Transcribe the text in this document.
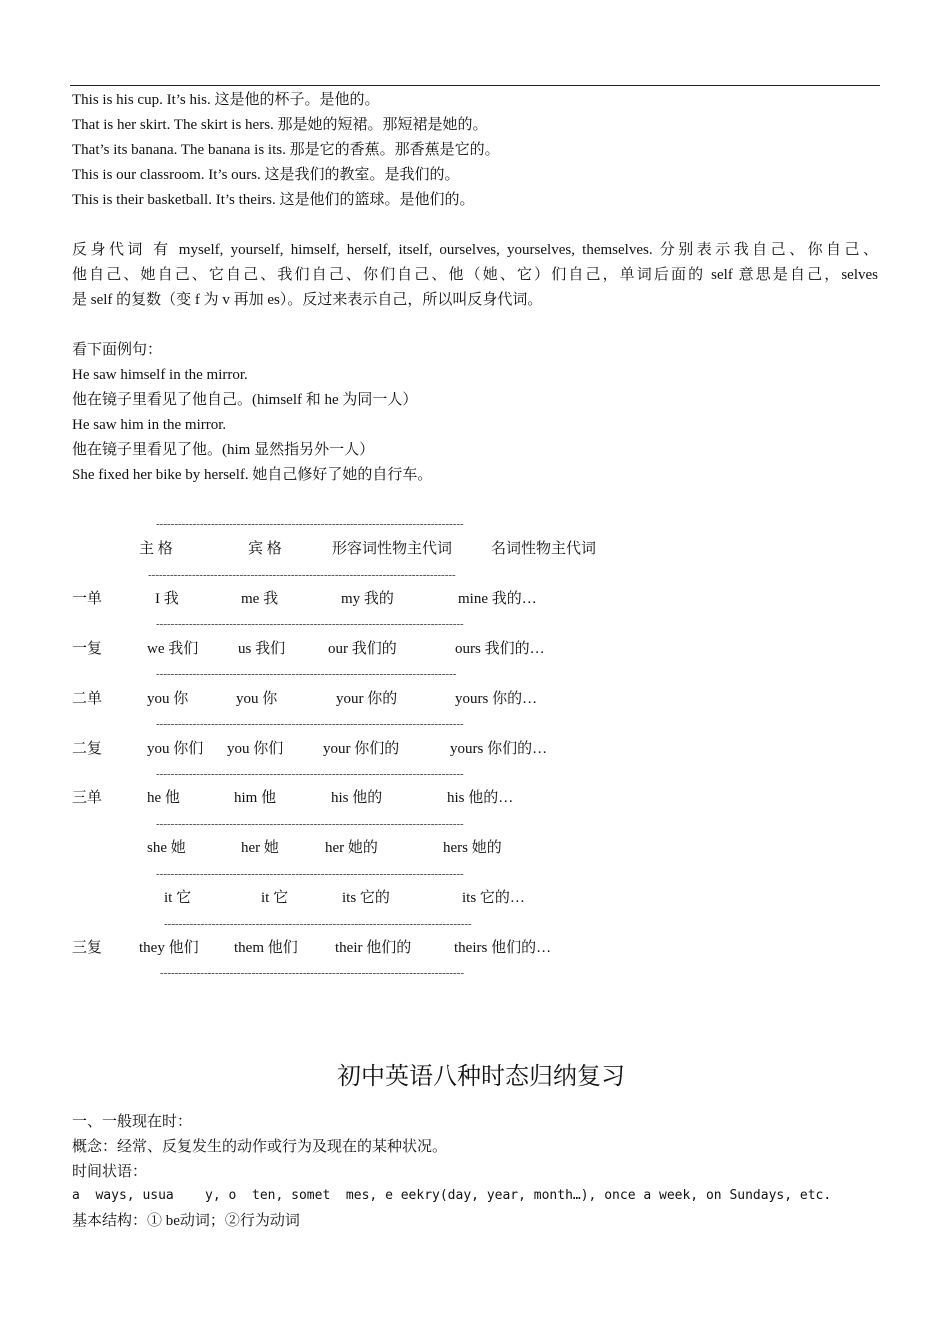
This is his cup. It’s his. 这是他的杯子。是他的。
That is her skirt. The skirt is hers. 那是她的短裙。那短裙是她的。
That’s its banana. The banana is its. 那是它的香蕉。那香蕉是它的。
This is our classroom. It’s ours. 这是我们的教室。是我们的。
This is their basketball. It’s theirs. 这是他们的篮球。是他们的。
反身代词 有 myself, yourself, himself, herself, itself, ourselves, yourselves, themselves. 分别表示我自己、你自己、
他自己、她自己、它自己、我们自己、你们自己、他（她、它）们自己，单词后面的 self 意思是自己，selves
是 self 的复数（变 f 为 v 再加 es）。反过来表示自己，所以叫反身代词。
看下面例句：
He saw himself in the mirror.
他在镜子里看见了他自己。(himself 和 he 为同一人）
He saw him in the mirror.
他在镜子里看见了他。(him 显然指另外一人）
She fixed her bike by herself. 她自己修好了她的自行车。
------------------------------------------------------------------------------------
主 格	宾 格	形容词性物主代词	名词性物主代词
------------------------------------------------------------------------------------
一单	I 我	me 我	my 我的	mine 我的…
------------------------------------------------------------------------------------
一复	we 我们	us 我们	our 我们的	ours 我们的…
----------------------------------------------------------------------------------
二单	you 你	you 你	your 你的	yours 你的…
------------------------------------------------------------------------------------
二复	you 你们 you 你们	your 你们的	yours 你们的…
------------------------------------------------------------------------------------
三单	he 他	him 他	his 他的	his 他的…
------------------------------------------------------------------------------------
she 她	her 她	her 她的	hers 她的
------------------------------------------------------------------------------------
it 它	it 它	its 它的	its 它的…
------------------------------------------------------------------------------------
三复 they 他们 them 他们 their 他们的	theirs 他们的…
-----------------------------------------------------------------------------------
初中英语八种时态归纳复习
一、一般现在时：
概念：经常、反复发生的动作或行为及现在的某种状况。
时间状语：
a  ways, usua    y, o  ten, somet  mes, e eekry(day, year, month…), once a week, on Sundays, etc.
基本结构：① be动词；②行为动词
